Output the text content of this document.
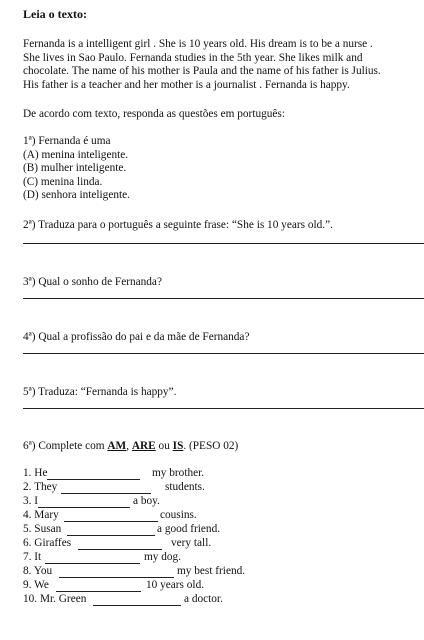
Leia o texto:
Fernanda is a intelligent girl . She is 10 years old. His dream is to be a nurse .
She lives in Sao Paulo. Fernanda studies in the 5th year. She likes milk and
chocolate. The name of his mother is Paula and the name of his father is Julius.
His father is a teacher and her mother is a journalist . Fernanda is happy.
De acordo com texto, responda as questões em português:
1ª) Fernanda é uma
(A) menina inteligente.
(B) mulher inteligente.
(C) menina linda.
(D) senhora inteligente.
2ª) Traduza para o português a seguinte frase: “She is 10 years old.”.
3ª) Qual o sonho de Fernanda?
4ª) Qual a profissão do pai e da mãe de Fernanda?
5ª) Traduza: “Fernanda is happy”.
6ª) Complete com AM, ARE ou IS. (PESO 02)
1. He	my brother.
2. They	students.
3. I	a boy.
4. Mary	cousins.
5. Susan	a good friend.
6. Giraffes	very tall.
7. It	my dog.
8. You	my best friend.
9. We	10 years old.
10. Mr. Green	a doctor.
